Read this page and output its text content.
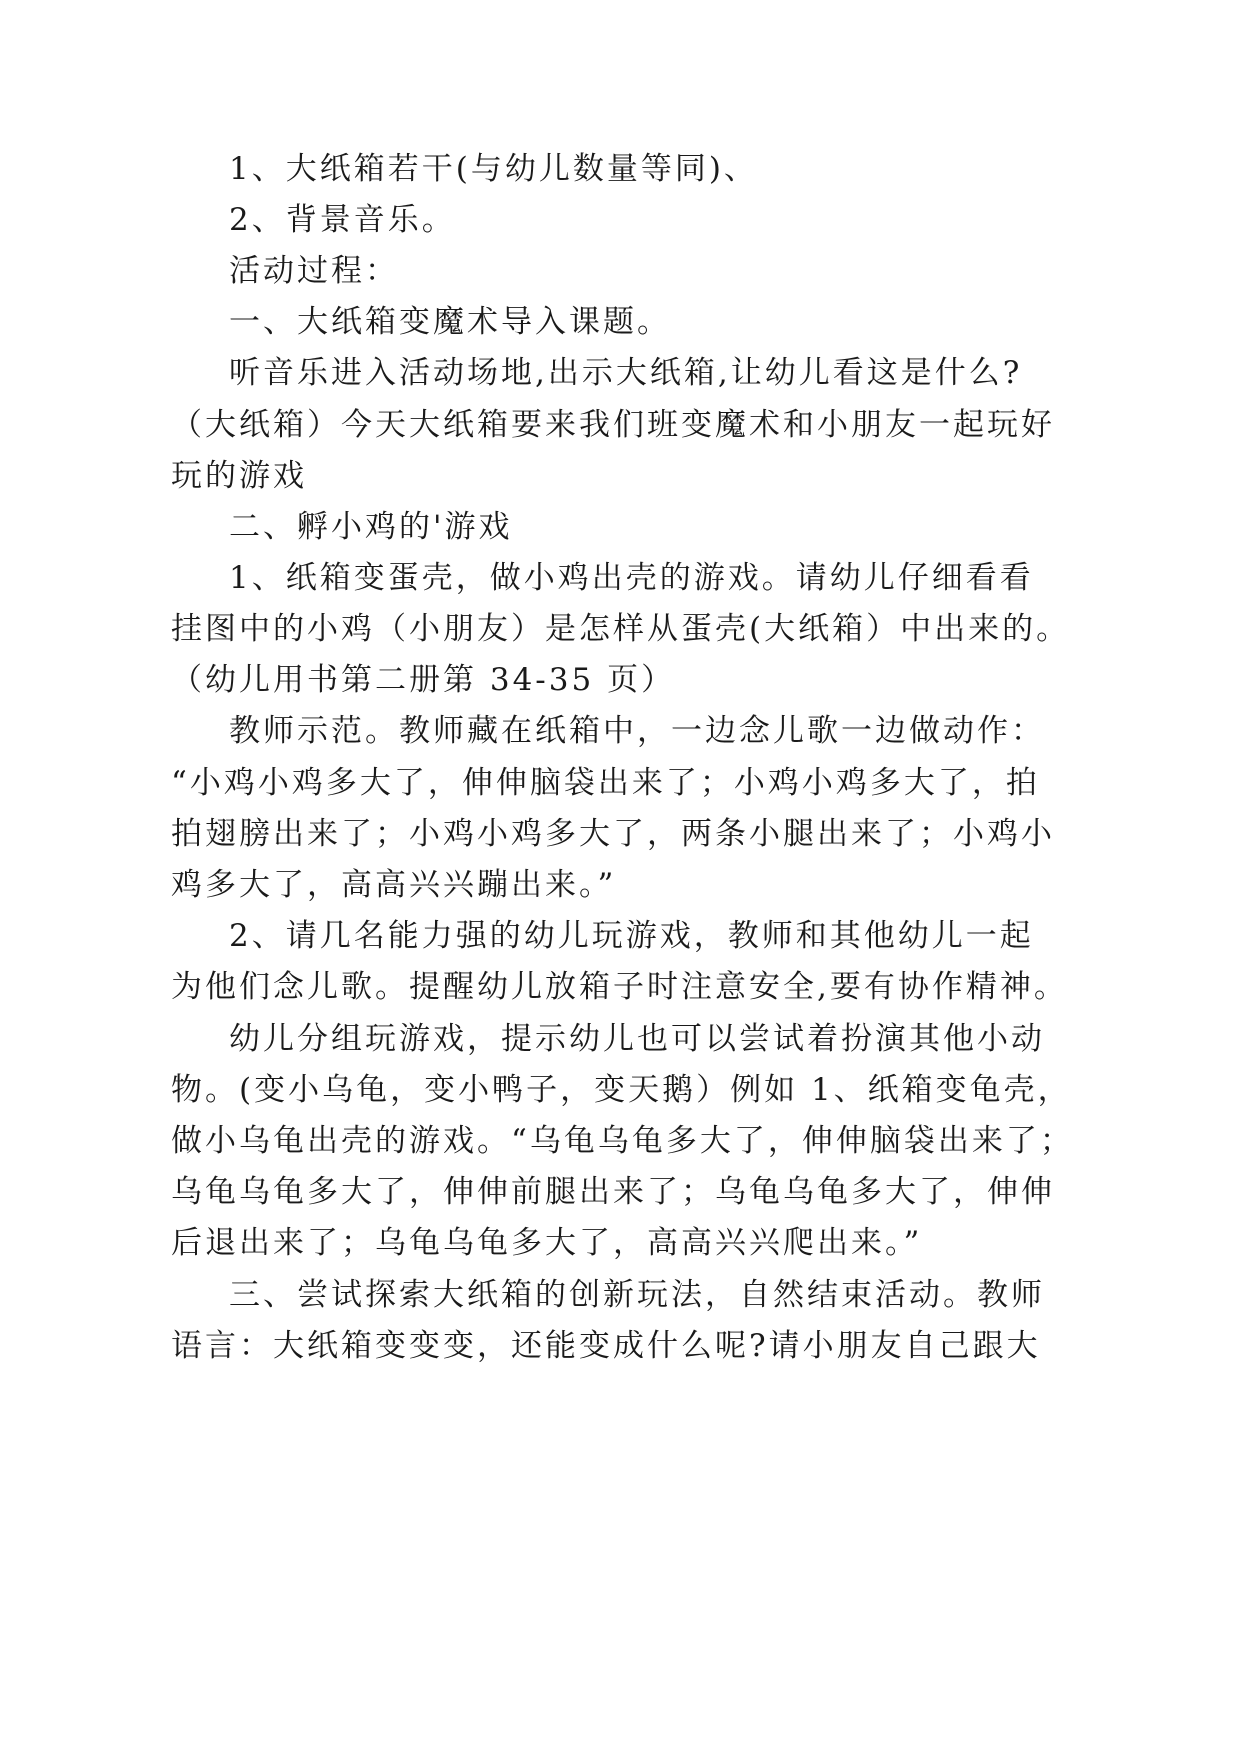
1、大纸箱若干(与幼儿数量等同)、
2、背景音乐。
活动过程：
一、大纸箱变魔术导入课题。
听音乐进入活动场地,出示大纸箱,让幼儿看这是什么?
（大纸箱）今天大纸箱要来我们班变魔术和小朋友一起玩好
玩的游戏
二、孵小鸡的'游戏
1、纸箱变蛋壳，做小鸡出壳的游戏。请幼儿仔细看看
挂图中的小鸡（小朋友）是怎样从蛋壳(大纸箱）中出来的。
（幼儿用书第二册第 34-35 页）
教师示范。教师藏在纸箱中，一边念儿歌一边做动作：
“小鸡小鸡多大了，伸伸脑袋出来了；小鸡小鸡多大了，拍
拍翅膀出来了；小鸡小鸡多大了，两条小腿出来了；小鸡小
鸡多大了，高高兴兴蹦出来。”
2、请几名能力强的幼儿玩游戏，教师和其他幼儿一起
为他们念儿歌。提醒幼儿放箱子时注意安全,要有协作精神。
幼儿分组玩游戏，提示幼儿也可以尝试着扮演其他小动
物。(变小乌龟，变小鸭子，变天鹅）例如 1、纸箱变龟壳，
做小乌龟出壳的游戏。“乌龟乌龟多大了，伸伸脑袋出来了；
乌龟乌龟多大了，伸伸前腿出来了；乌龟乌龟多大了，伸伸
后退出来了；乌龟乌龟多大了，高高兴兴爬出来。”
三、尝试探索大纸箱的创新玩法，自然结束活动。教师
语言：大纸箱变变变，还能变成什么呢?请小朋友自己跟大
